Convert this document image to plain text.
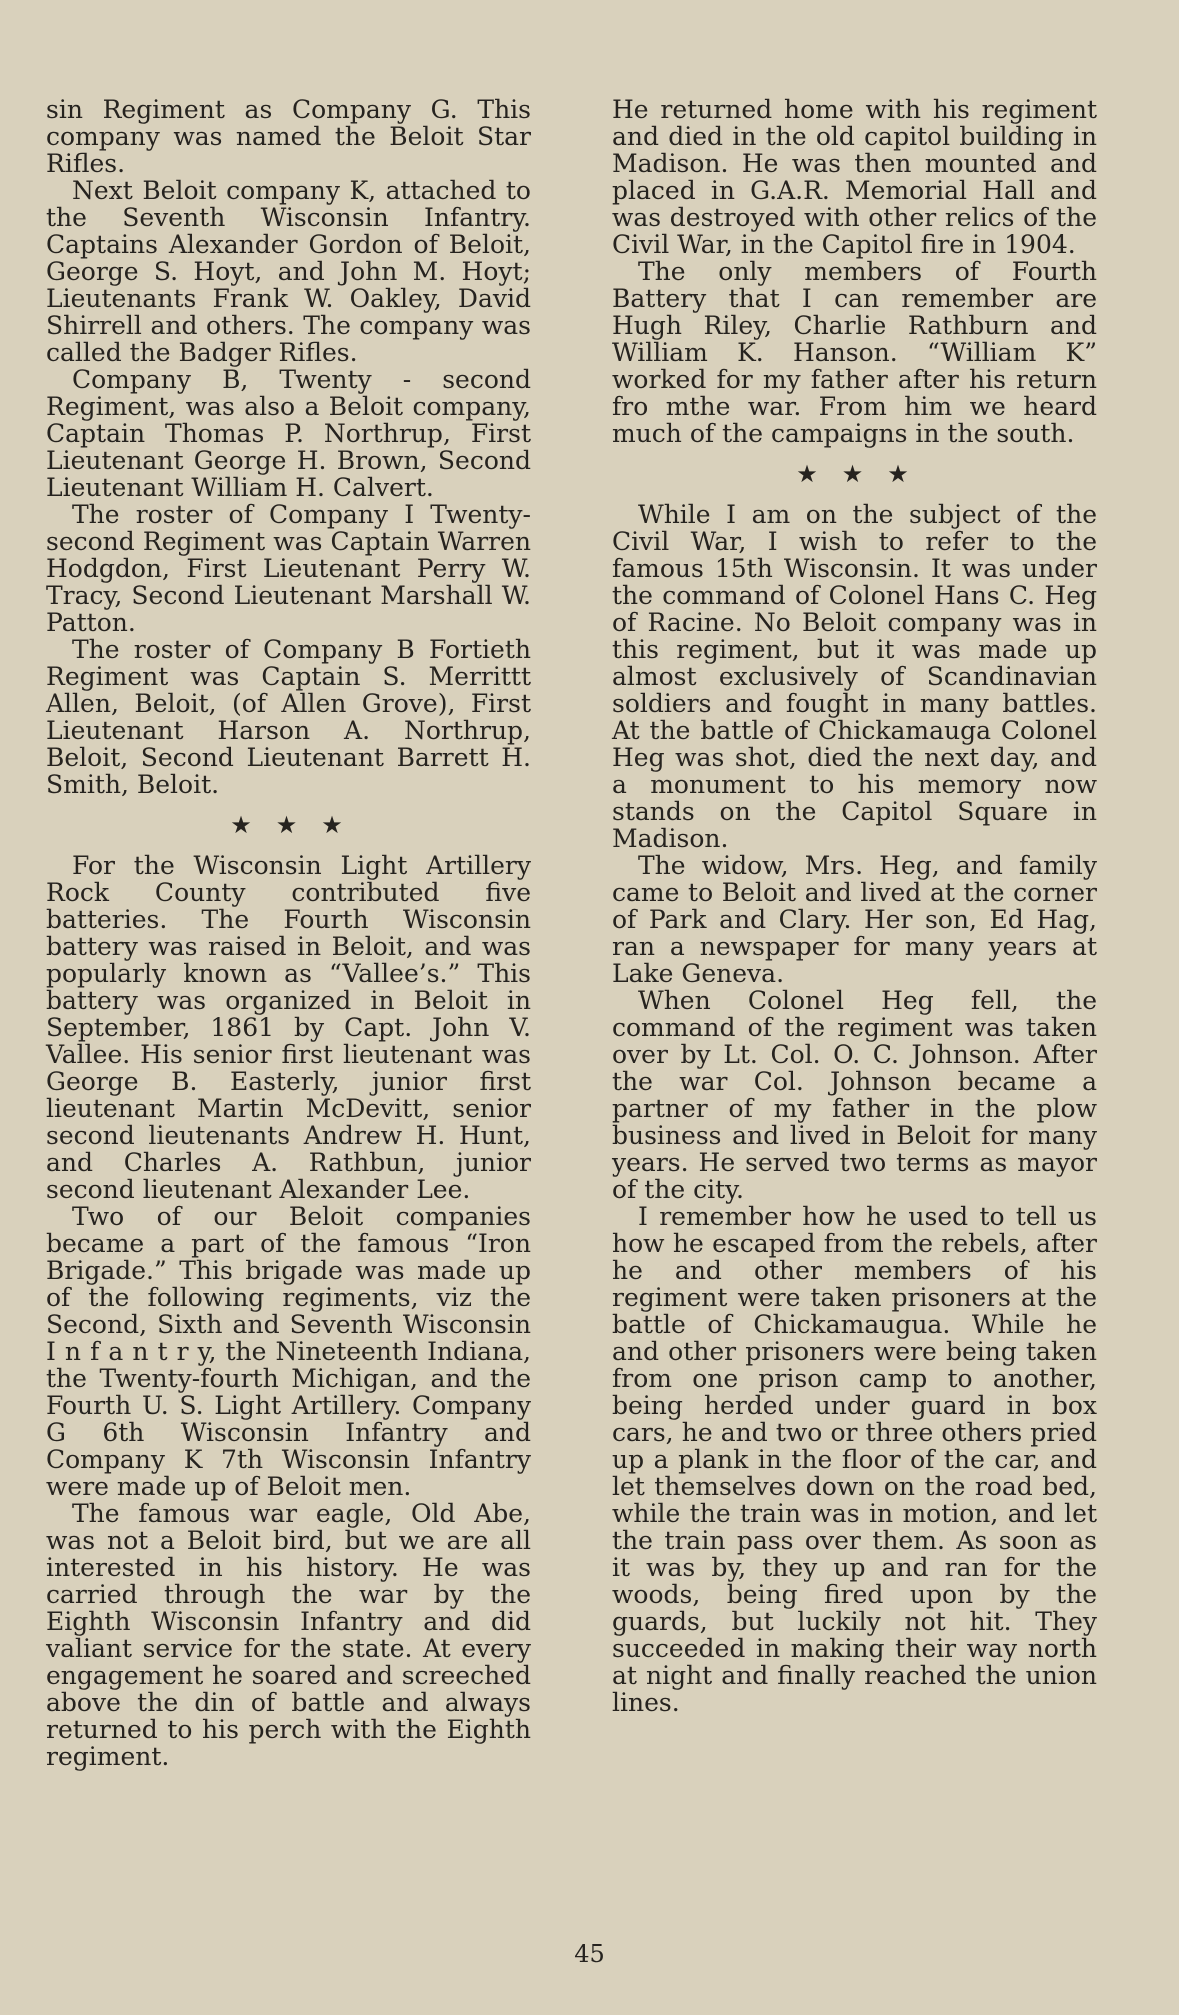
sin Regiment as Company G. This company was named the Beloit Star Rifles.

Next Beloit company K, attached to the Seventh Wisconsin Infantry. Captains Alexander Gordon of Beloit, George S. Hoyt, and John M. Hoyt; Lieutenants Frank W. Oakley, David Shirrell and others. The company was called the Badger Rifles.

Company B, Twenty - second Regiment, was also a Beloit company, Captain Thomas P. Northrup, First Lieutenant George H. Brown, Second Lieutenant William H. Calvert.

The roster of Company I Twenty-second Regiment was Captain Warren Hodgdon, First Lieutenant Perry W. Tracy, Second Lieutenant Marshall W. Patton.

The roster of Company B Fortieth Regiment was Captain S. Merrittt Allen, Beloit, (of Allen Grove), First Lieutenant Harson A. Northrup, Beloit, Second Lieutenant Barrett H. Smith, Beloit.

★★★

For the Wisconsin Light Artillery Rock County contributed five batteries. The Fourth Wisconsin battery was raised in Beloit, and was popularly known as “Vallee’s.” This battery was organized in Beloit in September, 1861 by Capt. John V. Vallee. His senior first lieutenant was George B. Easterly, junior first lieutenant Martin McDevitt, senior second lieutenants Andrew H. Hunt, and Charles A. Rathbun, junior second lieutenant Alexander Lee.

Two of our Beloit companies became a part of the famous “Iron Brigade.” This brigade was made up of the following regiments, viz the Second, Sixth and Seventh Wisconsin I n f a n t r y, the Nineteenth Indiana, the Twenty-fourth Michigan, and the Fourth U. S. Light Artillery. Company G 6th Wisconsin Infantry and Company K 7th Wisconsin Infantry were made up of Beloit men.

The famous war eagle, Old Abe, was not a Beloit bird, but we are all interested in his history. He was carried through the war by the Eighth Wisconsin Infantry and did valiant service for the state. At every engagement he soared and screeched above the din of battle and always returned to his perch with the Eighth regiment.

He returned home with his regiment and died in the old capitol building in Madison. He was then mounted and placed in G.A.R. Memorial Hall and was destroyed with other relics of the Civil War, in the Capitol fire in 1904.

The only members of Fourth Battery that I can remember are Hugh Riley, Charlie Rathburn and William K. Hanson. “William K” worked for my father after his return fro mthe war. From him we heard much of the campaigns in the south.

★★★

While I am on the subject of the Civil War, I wish to refer to the famous 15th Wisconsin. It was under the command of Colonel Hans C. Heg of Racine. No Beloit company was in this regiment, but it was made up almost exclusively of Scandinavian soldiers and fought in many battles. At the battle of Chickamauga Colonel Heg was shot, died the next day, and a monument to his memory now stands on the Capitol Square in Madison.

The widow, Mrs. Heg, and family came to Beloit and lived at the corner of Park and Clary. Her son, Ed Hag, ran a newspaper for many years at Lake Geneva.

When Colonel Heg fell, the command of the regiment was taken over by Lt. Col. O. C. Johnson. After the war Col. Johnson became a partner of my father in the plow business and lived in Beloit for many years. He served two terms as mayor of the city.

I remember how he used to tell us how he escaped from the rebels, after he and other members of his regiment were taken prisoners at the battle of Chickamaugua. While he and other prisoners were being taken from one prison camp to another, being herded under guard in box cars, he and two or three others pried up a plank in the floor of the car, and let themselves down on the road bed, while the train was in motion, and let the train pass over them. As soon as it was by, they up and ran for the woods, being fired upon by the guards, but luckily not hit. They succeeded in making their way north at night and finally reached the union lines.

45
